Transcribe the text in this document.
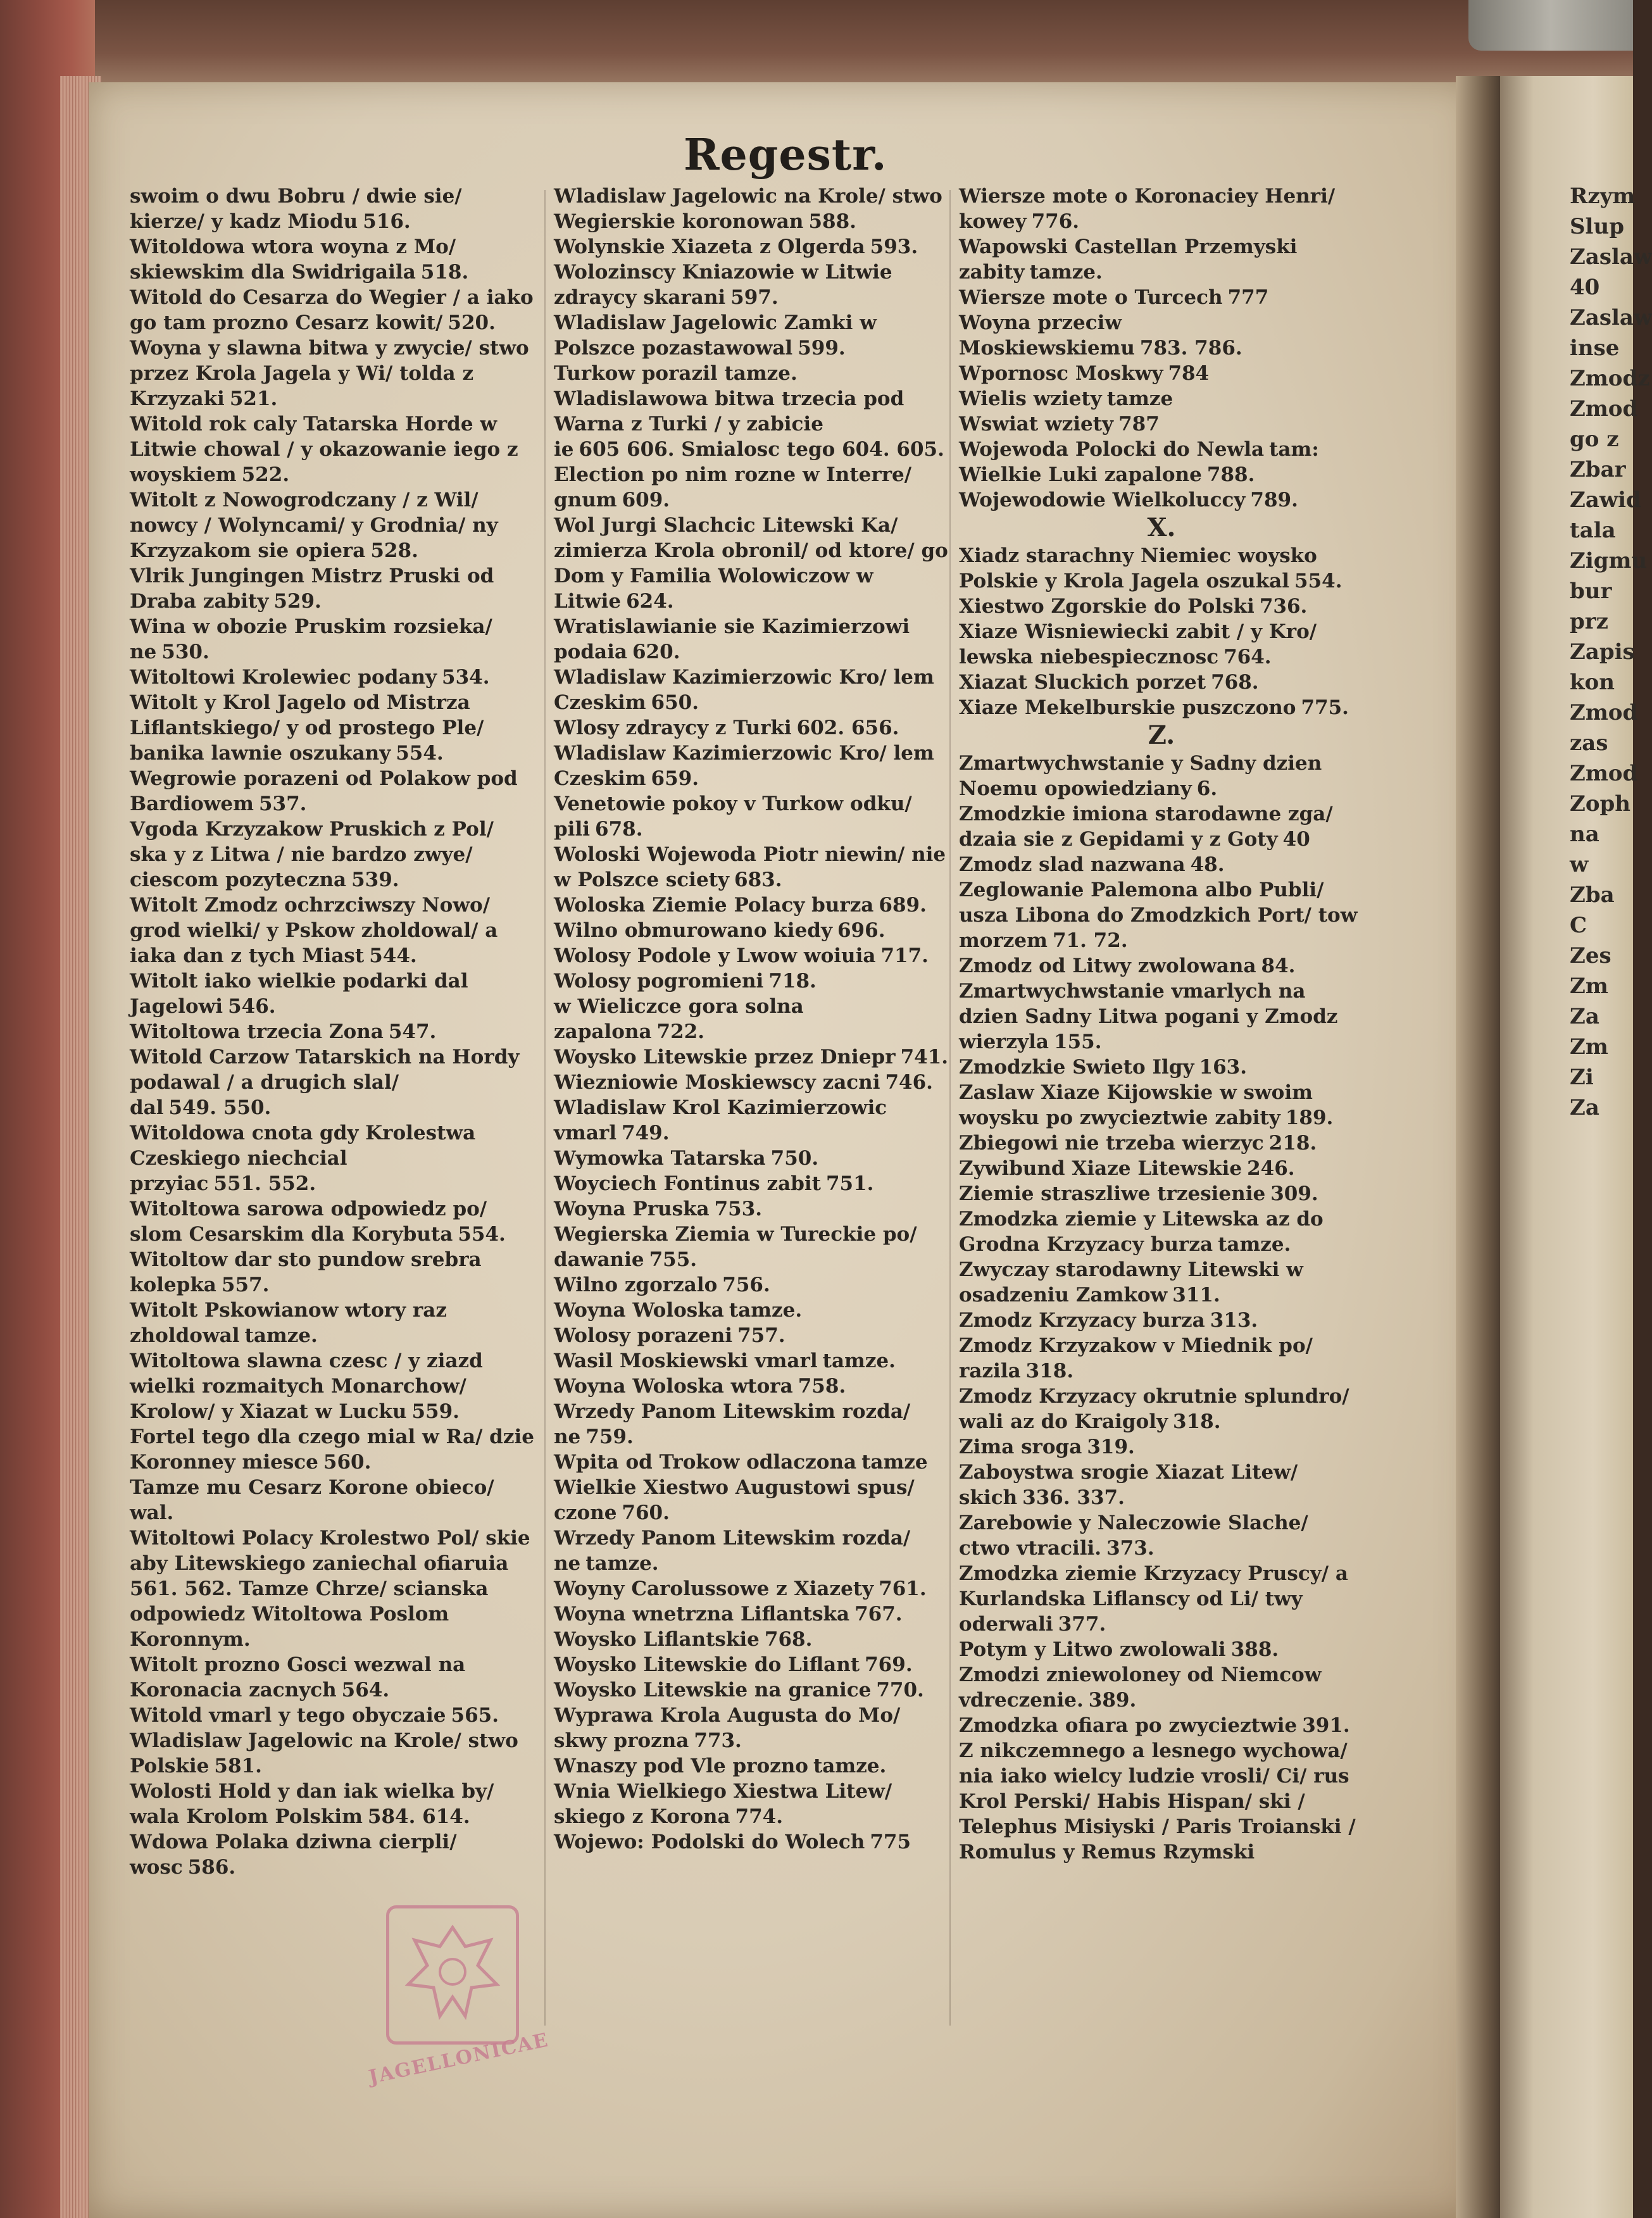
Rzym
Slup
Zaslaw
40
Zaslaw
inse
Zmodz
Zmod
go z
Zbar
Zawid
tala
Zigmu
bur
prz
Zapis
kon
Zmod
zas
Zmod
Zoph
na
w
Zba
C
Zes
Zm
Za
Zm
Zi
Za
Regestr.
swoim o dwu Bobru / dwie sie/ kierze/ y kadz Miodu 516.
Witoldowa wtora woyna z Mo/ skiewskim dla Swidrigaila 518.
Witold do Cesarza do Wegier / a iako go tam prozno Cesarz kowit/ 520.
Woyna y slawna bitwa y zwycie/ stwo przez Krola Jagela y Wi/ tolda z Krzyzaki 521.
Witold rok caly Tatarska Horde w Litwie chowal / y okazowanie iego z woyskiem 522.
Witolt z Nowogrodczany / z Wil/ nowcy / Wolyncami/ y Grodnia/ ny Krzyzakom sie opiera 528.
Vlrik Jungingen Mistrz Pruski od Draba zabity 529.
Wina w obozie Pruskim rozsieka/ ne 530.
Witoltowi Krolewiec podany 534.
Witolt y Krol Jagelo od Mistrza Liflantskiego/ y od prostego Ple/ banika lawnie oszukany 554.
Wegrowie porazeni od Polakow pod Bardiowem 537.
Vgoda Krzyzakow Pruskich z Pol/ ska y z Litwa / nie bardzo zwye/ ciescom pozyteczna 539.
Witolt Zmodz ochrzciwszy Nowo/ grod wielki/ y Pskow zholdowal/ a iaka dan z tych Miast 544.
Witolt iako wielkie podarki dal Jagelowi 546.
Witoltowa trzecia Zona 547.
Witold Carzow Tatarskich na Hordy podawal / a drugich slal/ dal 549. 550.
Witoldowa cnota gdy Krolestwa Czeskiego niechcial przyiac 551. 552.
Witoltowa sarowa odpowiedz po/ slom Cesarskim dla Korybuta 554.
Witoltow dar sto pundow srebra kolepka 557.
Witolt Pskowianow wtory raz zholdowal tamze.
Witoltowa slawna czesc / y ziazd wielki rozmaitych Monarchow/ Krolow/ y Xiazat w Lucku 559.
Fortel tego dla czego mial w Ra/ dzie Koronney miesce 560.
Tamze mu Cesarz Korone obieco/ wal.
Witoltowi Polacy Krolestwo Pol/ skie aby Litewskiego zaniechal ofiaruia 561. 562. Tamze Chrze/ scianska odpowiedz Witoltowa Poslom Koronnym.
Witolt prozno Gosci wezwal na Koronacia zacnych 564.
Witold vmarl y tego obyczaie 565.
Wladislaw Jagelowic na Krole/ stwo Polskie 581.
Wolosti Hold y dan iak wielka by/ wala Krolom Polskim 584. 614.
Wdowa Polaka dziwna cierpli/ wosc 586.
Wladislaw Jagelowic na Krole/ stwo Wegierskie koronowan 588.
Wolynskie Xiazeta z Olgerda 593.
Wolozinscy Kniazowie w Litwie zdraycy skarani 597.
Wladislaw Jagelowic Zamki w Polszce pozastawowal 599.
Turkow porazil tamze.
Wladislawowa bitwa trzecia pod Warna z Turki / y zabicie ie 605 606. Smialosc tego 604. 605.
Election po nim rozne w Interre/ gnum 609.
Wol Jurgi Slachcic Litewski Ka/ zimierza Krola obronil/ od ktore/ go Dom y Familia Wolowiczow w Litwie 624.
Wratislawianie sie Kazimierzowi podaia 620.
Wladislaw Kazimierzowic Kro/ lem Czeskim 650.
Wlosy zdraycy z Turki 602. 656.
Wladislaw Kazimierzowic Kro/ lem Czeskim 659.
Venetowie pokoy v Turkow odku/ pili 678.
Woloski Wojewoda Piotr niewin/ nie w Polszce sciety 683.
Woloska Ziemie Polacy burza 689.
Wilno obmurowano kiedy 696.
Wolosy Podole y Lwow woiuia 717.
Wolosy pogromieni 718.
w Wieliczce gora solna zapalona 722.
Woysko Litewskie przez Dniepr 741.
Wiezniowie Moskiewscy zacni 746.
Wladislaw Krol Kazimierzowic vmarl 749.
Wymowka Tatarska 750.
Woyciech Fontinus zabit 751.
Woyna Pruska 753.
Wegierska Ziemia w Tureckie po/ dawanie 755.
Wilno zgorzalo 756.
Woyna Woloska tamze.
Wolosy porazeni 757.
Wasil Moskiewski vmarl tamze.
Woyna Woloska wtora 758.
Wrzedy Panom Litewskim rozda/ ne 759.
Wpita od Trokow odlaczona tamze
Wielkie Xiestwo Augustowi spus/ czone 760.
Wrzedy Panom Litewskim rozda/ ne tamze.
Woyny Carolussowe z Xiazety 761.
Woyna wnetrzna Liflantska 767.
Woysko Liflantskie 768.
Woysko Litewskie do Liflant 769.
Woysko Litewskie na granice 770.
Wyprawa Krola Augusta do Mo/ skwy prozna 773.
Wnaszy pod Vle prozno tamze.
Wnia Wielkiego Xiestwa Litew/ skiego z Korona 774.
Wojewo: Podolski do Wolech 775
Wiersze mote o Koronaciey Henri/ kowey 776.
Wapowski Castellan Przemyski zabity tamze.
Wiersze mote o Turcech 777
Woyna przeciw Moskiewskiemu 783. 786.
Wpornosc Moskwy 784
Wielis wziety tamze
Wswiat wziety 787
Wojewoda Polocki do Newla tam:
Wielkie Luki zapalone 788.
Wojewodowie Wielkoluccy 789.
X.
Xiadz starachny Niemiec woysko Polskie y Krola Jagela oszukal 554.
Xiestwo Zgorskie do Polski 736.
Xiaze Wisniewiecki zabit / y Kro/ lewska niebespiecznosc 764.
Xiazat Sluckich porzet 768.
Xiaze Mekelburskie puszczono 775.
Z.
Zmartwychwstanie y Sadny dzien Noemu opowiedziany 6.
Zmodzkie imiona starodawne zga/ dzaia sie z Gepidami y z Goty 40
Zmodz slad nazwana 48.
Zeglowanie Palemona albo Publi/ usza Libona do Zmodzkich Port/ tow morzem 71. 72.
Zmodz od Litwy zwolowana 84.
Zmartwychwstanie vmarlych na dzien Sadny Litwa pogani y Zmodz wierzyla 155.
Zmodzkie Swieto Ilgy 163.
Zaslaw Xiaze Kijowskie w swoim woysku po zwycieztwie zabity 189.
Zbiegowi nie trzeba wierzyc 218.
Zywibund Xiaze Litewskie 246.
Ziemie straszliwe trzesienie 309.
Zmodzka ziemie y Litewska az do Grodna Krzyzacy burza tamze.
Zwyczay starodawny Litewski w osadzeniu Zamkow 311.
Zmodz Krzyzacy burza 313.
Zmodz Krzyzakow v Miednik po/ razila 318.
Zmodz Krzyzacy okrutnie splundro/ wali az do Kraigoly 318.
Zima sroga 319.
Zaboystwa srogie Xiazat Litew/ skich 336. 337.
Zarebowie y Naleczowie Slache/ ctwo vtracili. 373.
Zmodzka ziemie Krzyzacy Pruscy/ a Kurlandska Liflanscy od Li/ twy oderwali 377.
Potym y Litwo zwolowali 388.
Zmodzi zniewoloney od Niemcow vdreczenie. 389.
Zmodzka ofiara po zwycieztwie 391.
Z nikczemnego a lesnego wychowa/ nia iako wielcy ludzie vrosli/ Ci/ rus Krol Perski/ Habis Hispan/ ski / Telephus Misiyski / Paris Troianski / Romulus y Remus Rzymski
JAGELLONICAE
